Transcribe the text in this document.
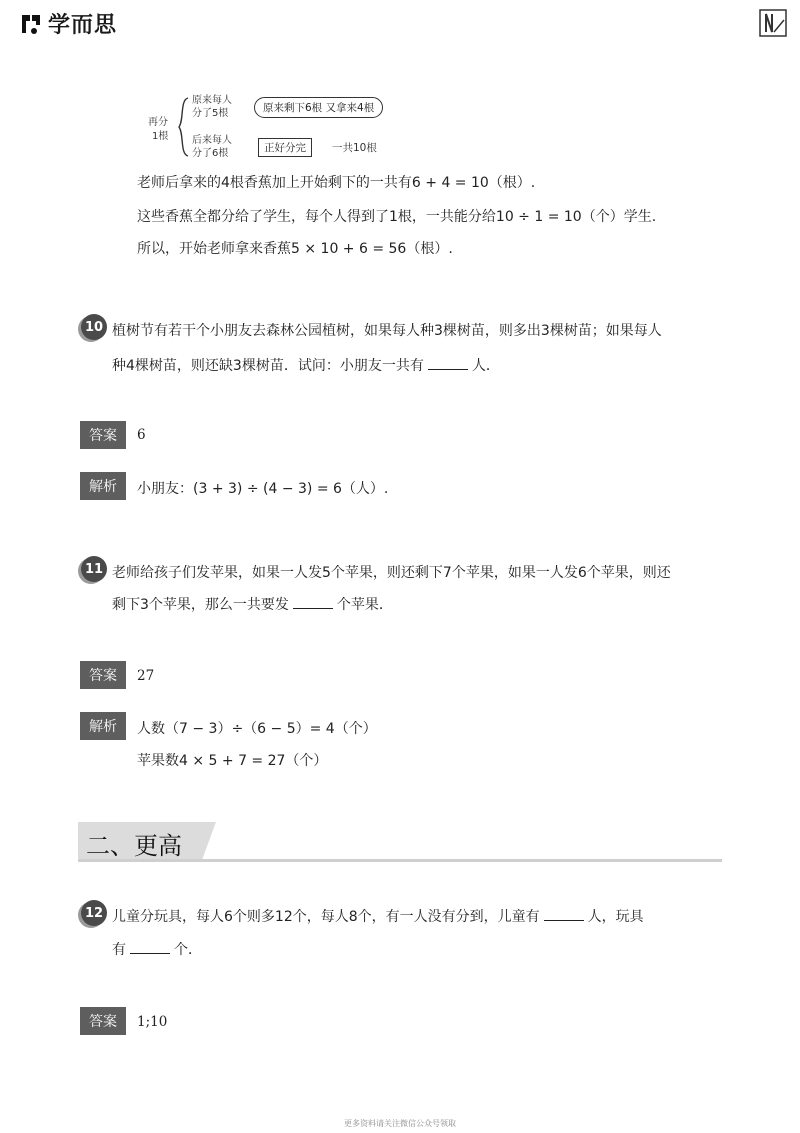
学而思
再分
1根
原来每人
分了5根
后来每人
分了6根
原来剩下6根 又拿来4根
正好分完	一共10根
老师后拿来的4根香蕉加上开始剩下的一共有6 + 4 = 10（根）.
这些香蕉全都分给了学生，每个人得到了1根，一共能分给10 ÷ 1 = 10（个）学生.
所以，开始老师拿来香蕉5 × 10 + 6 = 56（根）.
10 植树节有若干个小朋友去森林公园植树，如果每人种3棵树苗，则多出3棵树苗；如果每人
种4棵树苗，则还缺3棵树苗．试问：小朋友一共有	人．
答案	6
解析	小朋友：(3 + 3) ÷ (4 − 3) = 6（人）.
11 老师给孩子们发苹果，如果一人发5个苹果，则还剩下7个苹果，如果一人发6个苹果，则还
剩下3个苹果，那么一共要发	个苹果．
答案	27
解析	人数（7 − 3）÷（6 − 5）= 4（个）
苹果数4 × 5 + 7 = 27（个）
二、更高
12 儿童分玩具，每人6个则多12个，每人8个，有一人没有分到，儿童有	人，玩具
有	个．
答案	1;10
更多资料请关注微信公众号领取
